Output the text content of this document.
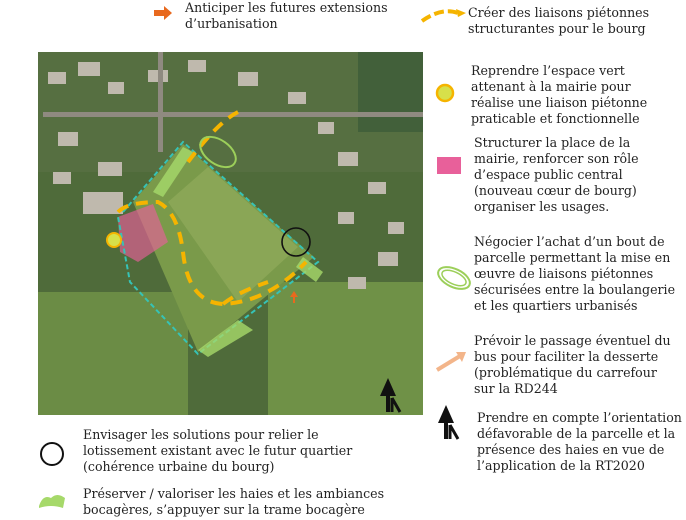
Anticiper les futures extensions
d’urbanisation
Créer des liaisons piétonnes
structurantes pour le bourg
Reprendre l’espace vert
attenant à la mairie pour
réalise une liaison piétonne
praticable et fonctionnelle
Structurer la place de la
mairie, renforcer son rôle
d’espace public central
(nouveau cœur de bourg)
organiser les usages.
Négocier l’achat d’un bout de
parcelle permettant la mise en
œuvre de liaisons piétonnes
sécurisées entre la boulangerie
et les quartiers urbanisés
Prévoir le passage éventuel du
bus pour faciliter la desserte
(problématique du carrefour
sur la RD244
Prendre en compte l’orientation
défavorable de la parcelle et la
présence des haies en vue de
l’application de la RT2020
Envisager les solutions pour relier le
lotissement existant avec le futur quartier
(cohérence urbaine du bourg)
Préserver / valoriser les haies et les ambiances
bocagères, s’appuyer sur la trame bocagère
